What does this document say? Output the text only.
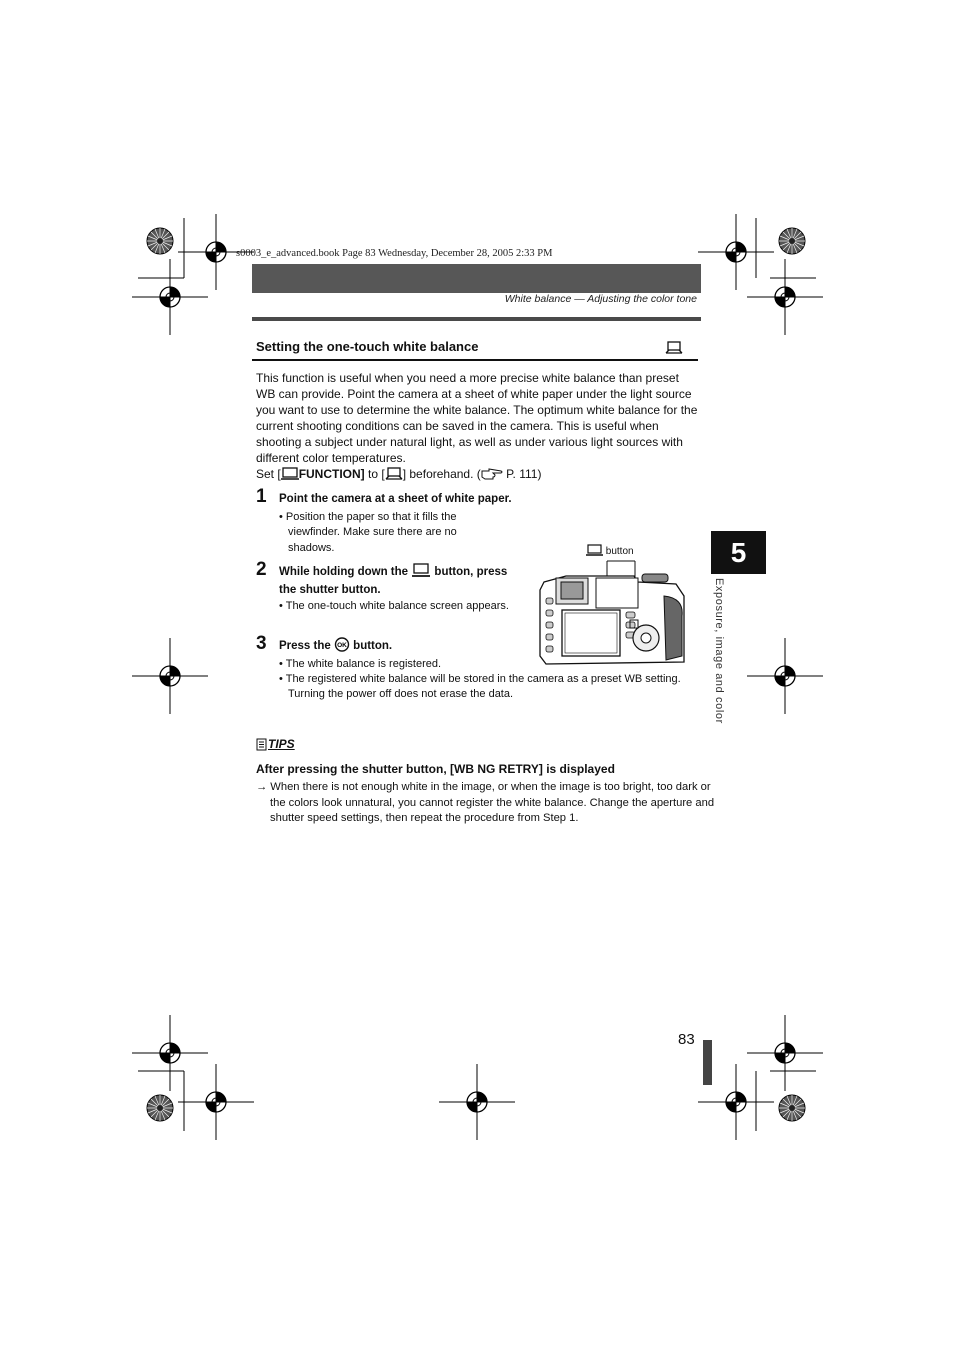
s0003_e_advanced.book Page 83 Wednesday, December 28, 2005 2:33 PM
White balance — Adjusting the color tone
Setting the one-touch white balance

This function is useful when you need a more precise white balance than preset WB can provide. Point the camera at a sheet of white paper under the light source you want to use to determine the white balance. The optimum white balance for the current shooting conditions can be saved in the camera. This is useful when shooting a subject under natural light, as well as under various light sources with different color temperatures.

Set [ FUNCTION] to [ ] beforehand. ( P. 111)

1 Point the camera at a sheet of white paper.
• Position the paper so that it fills the viewfinder. Make sure there are no shadows.
2 While holding down the  button, press the shutter button.
• The one-touch white balance screen appears.
3 Press the OK button.
• The white balance is registered.
• The registered white balance will be stored in the camera as a preset WB setting. Turning the power off does not erase the data.
button	5
Exposure, image and color
TIPS
After pressing the shutter button, [WB NG RETRY] is displayed
→ When there is not enough white in the image, or when the image is too bright, too dark or the colors look unnatural, you cannot register the white balance. Change the aperture and shutter speed settings, then repeat the procedure from Step 1.
83
